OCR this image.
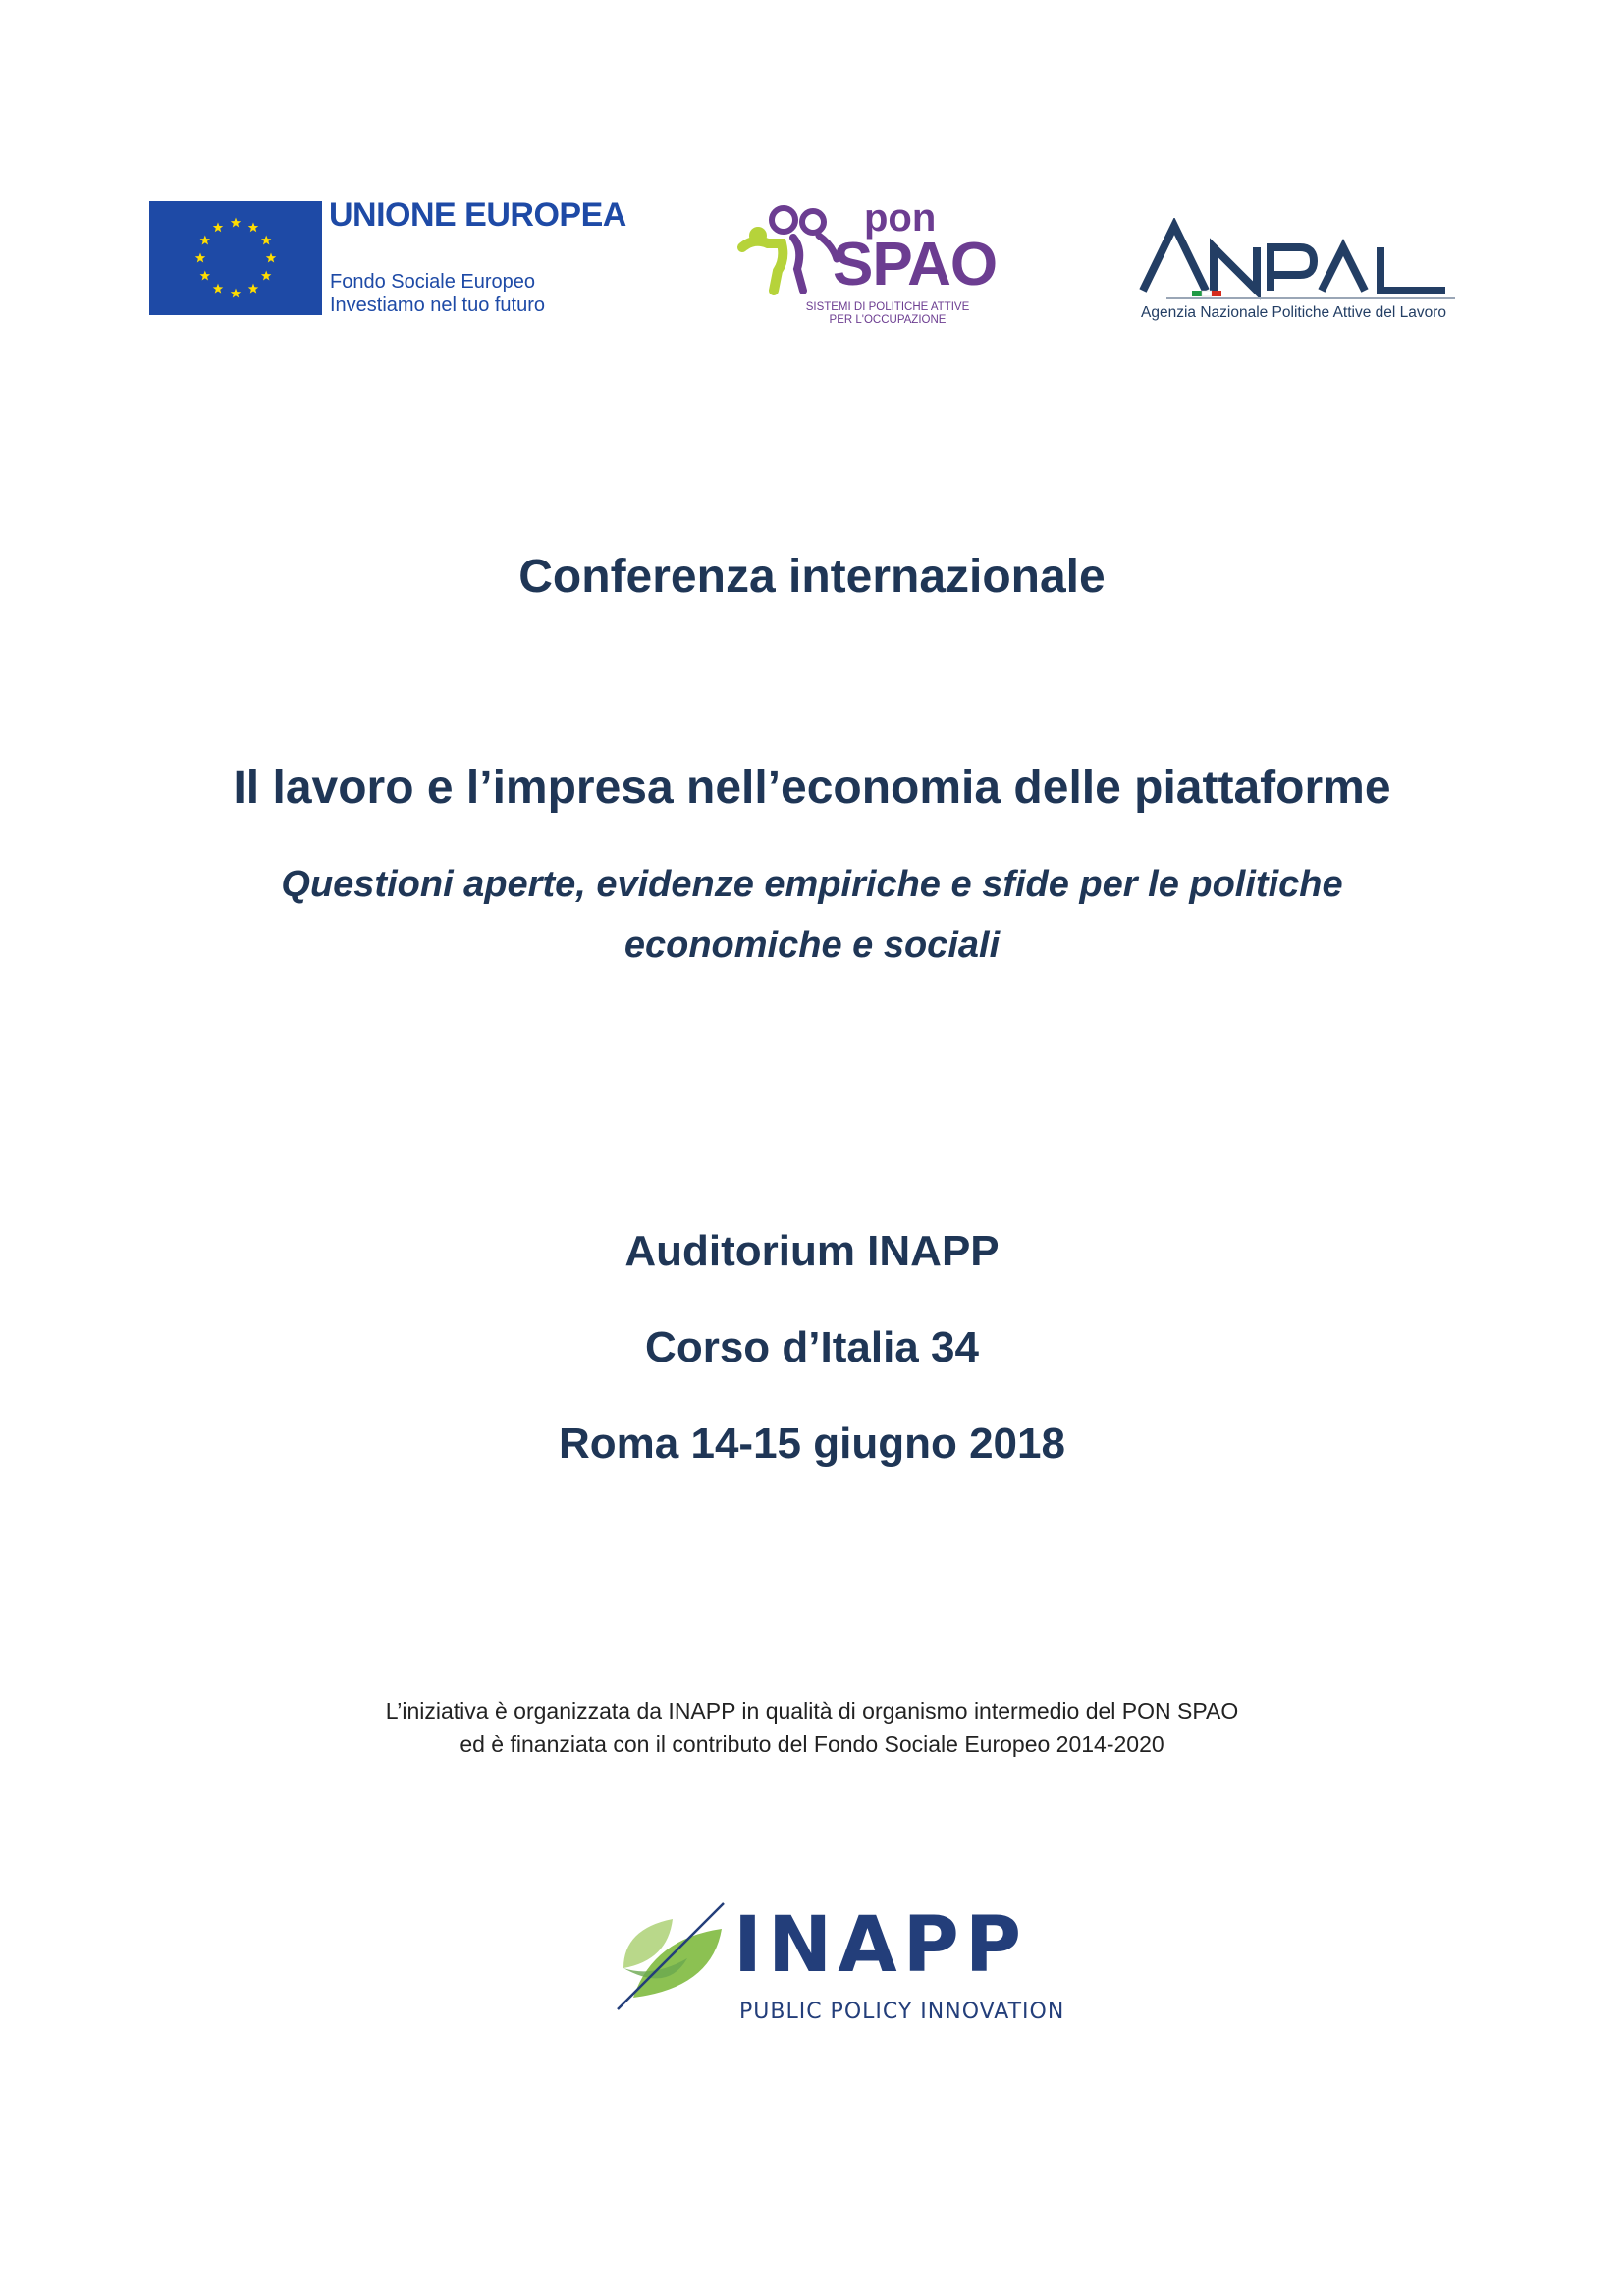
UNIONE EUROPEA
Fondo Sociale Europeo
Investiamo nel tuo futuro
pon
SPAO
SISTEMI DI POLITICHE ATTIVE
PER L'OCCUPAZIONE	Agenzia Nazionale Politiche Attive del Lavoro
Conferenza internazionale
Il lavoro e l’impresa nell’economia delle piattaforme
Questioni aperte, evidenze empiriche e sfide per le politiche
economiche e sociali
Auditorium INAPP
Corso d’Italia 34
Roma 14-15 giugno 2018
L’iniziativa è organizzata da INAPP in qualità di organismo intermedio del PON SPAO
ed è finanziata con il contributo del Fondo Sociale Europeo 2014-2020
INAPP
PUBLIC POLICY INNOVATION
